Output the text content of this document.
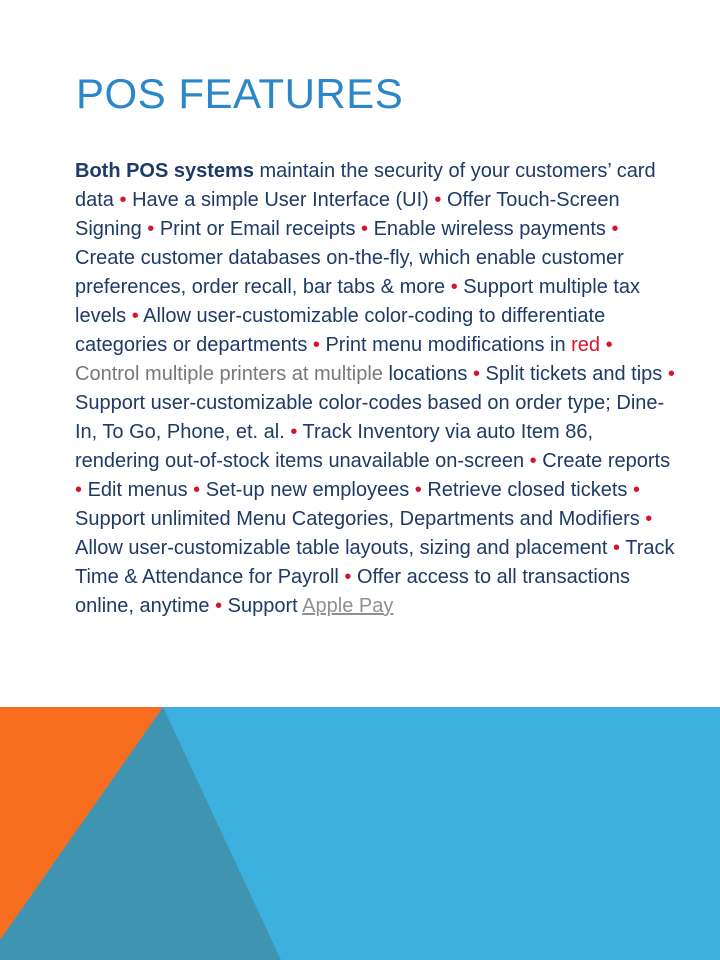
POS FEATURES

Both POS systems maintain the security of your customers’ card data • Have a simple User Interface (UI) • Offer Touch-Screen Signing • Print or Email receipts • Enable wireless payments • Create customer databases on-the-fly, which enable customer preferences, order recall, bar tabs & more • Support multiple tax levels • Allow user-customizable color-coding to differentiate categories or departments • Print menu modifications in red • Control multiple printers at multiple locations • Split tickets and tips • Support user-customizable color-codes based on order type; Dine-In, To Go, Phone, et. al. • Track Inventory via auto Item 86, rendering out-of-stock items unavailable on-screen • Create reports • Edit menus • Set-up new employees • Retrieve closed tickets • Support unlimited Menu Categories, Departments and Modifiers • Allow user-customizable table layouts, sizing and placement • Track Time & Attendance for Payroll • Offer access to all transactions online, anytime • Support Apple Pay
